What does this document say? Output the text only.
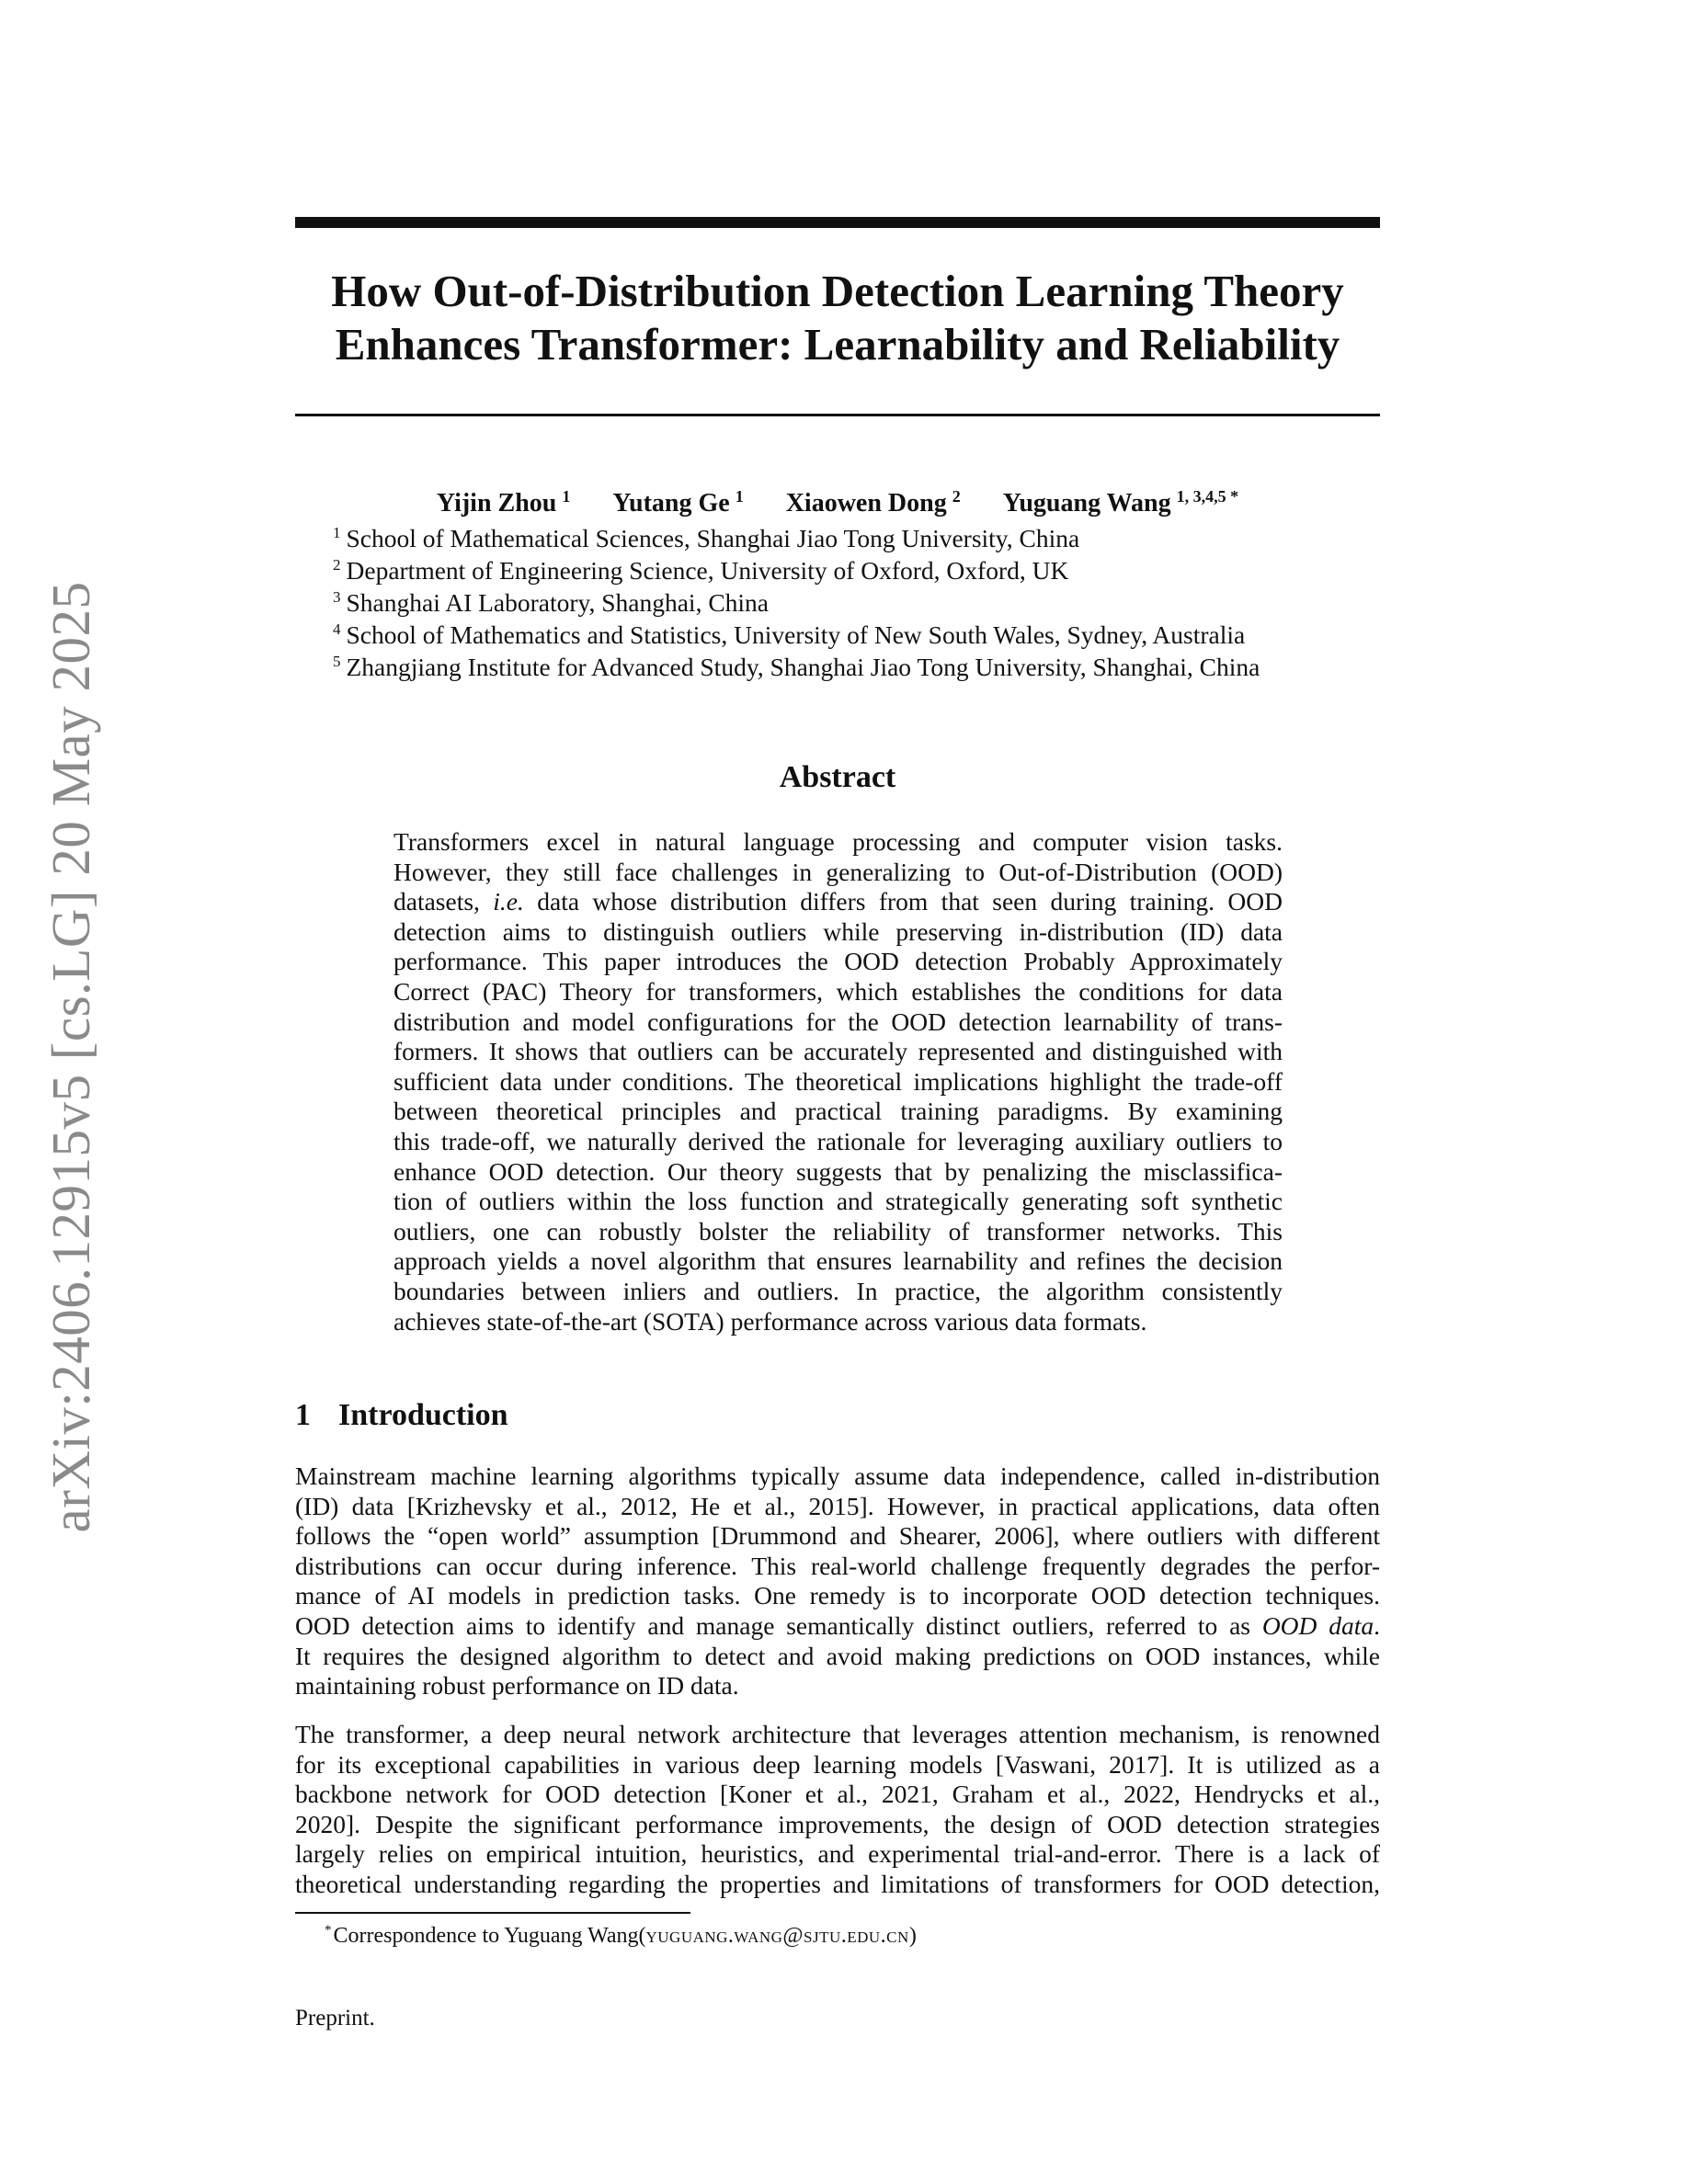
arXiv:2406.12915v5 [cs.LG] 20 May 2025
How Out-of-Distribution Detection Learning Theory
Enhances Transformer: Learnability and Reliability
Yijin Zhou $^1$ Yutang Ge $^1$ Xiaowen Dong $^2$ Yuguang Wang $^{1, 3,4,5 *}$
$^1$ School of Mathematical Sciences, Shanghai Jiao Tong University, China
$^2$ Department of Engineering Science, University of Oxford, Oxford, UK
$^3$ Shanghai AI Laboratory, Shanghai, China
$^4$ School of Mathematics and Statistics, University of New South Wales, Sydney, Australia
$^5$ Zhangjiang Institute for Advanced Study, Shanghai Jiao Tong University, Shanghai, China
Abstract
Transformers excel in natural language processing and computer vision tasks.
However, they still face challenges in generalizing to Out-of-Distribution (OOD)
datasets, i.e. data whose distribution differs from that seen during training. OOD
detection aims to distinguish outliers while preserving in-distribution (ID) data
performance. This paper introduces the OOD detection Probably Approximately
Correct (PAC) Theory for transformers, which establishes the conditions for data
distribution and model configurations for the OOD detection learnability of trans-
formers. It shows that outliers can be accurately represented and distinguished with
sufficient data under conditions. The theoretical implications highlight the trade-off
between theoretical principles and practical training paradigms. By examining
this trade-off, we naturally derived the rationale for leveraging auxiliary outliers to
enhance OOD detection. Our theory suggests that by penalizing the misclassifica-
tion of outliers within the loss function and strategically generating soft synthetic
outliers, one can robustly bolster the reliability of transformer networks. This
approach yields a novel algorithm that ensures learnability and refines the decision
boundaries between inliers and outliers. In practice, the algorithm consistently
achieves state-of-the-art (SOTA) performance across various data formats.
1 Introduction
Mainstream machine learning algorithms typically assume data independence, called in-distribution
(ID) data [Krizhevsky et al., 2012, He et al., 2015]. However, in practical applications, data often
follows the “open world” assumption [Drummond and Shearer, 2006], where outliers with different
distributions can occur during inference. This real-world challenge frequently degrades the perfor-
mance of AI models in prediction tasks. One remedy is to incorporate OOD detection techniques.
OOD detection aims to identify and manage semantically distinct outliers, referred to as OOD data.
It requires the designed algorithm to detect and avoid making predictions on OOD instances, while
maintaining robust performance on ID data.
The transformer, a deep neural network architecture that leverages attention mechanism, is renowned
for its exceptional capabilities in various deep learning models [Vaswani, 2017]. It is utilized as a
backbone network for OOD detection [Koner et al., 2021, Graham et al., 2022, Hendrycks et al.,
2020]. Despite the significant performance improvements, the design of OOD detection strategies
largely relies on empirical intuition, heuristics, and experimental trial-and-error. There is a lack of
theoretical understanding regarding the properties and limitations of transformers for OOD detection,
*Correspondence to Yuguang Wang(yuguang.wang@sjtu.edu.cn)
Preprint.
